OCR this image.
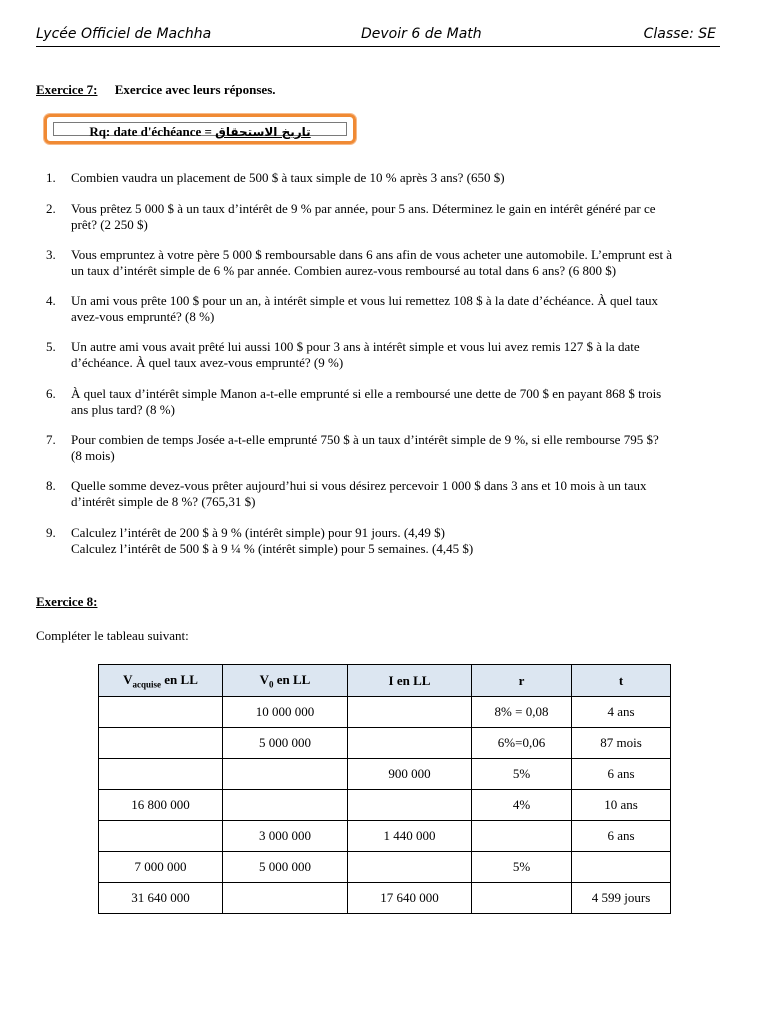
Lycée Officiel de Machha	Devoir 6 de Math	Classe: SE
Exercice 7: Exercice avec leurs réponses.
Rq: date d'échéance = تاريخ الاستحقاق
1. Combien vaudra un placement de 500 $ à taux simple de 10 % après 3 ans? (650 $)
2. Vous prêtez 5 000 $ à un taux d’intérêt de 9 % par année, pour 5 ans. Déterminez le gain en intérêt généré par ce
prêt? (2 250 $)
3. Vous empruntez à votre père 5 000 $ remboursable dans 6 ans afin de vous acheter une automobile. L’emprunt est à
un taux d’intérêt simple de 6 % par année. Combien aurez-vous remboursé au total dans 6 ans? (6 800 $)
4. Un ami vous prête 100 $ pour un an, à intérêt simple et vous lui remettez 108 $ à la date d’échéance. À quel taux
avez-vous emprunté? (8 %)
5. Un autre ami vous avait prêté lui aussi 100 $ pour 3 ans à intérêt simple et vous lui avez remis 127 $ à la date
d’échéance. À quel taux avez-vous emprunté? (9 %)
6. À quel taux d’intérêt simple Manon a-t-elle emprunté si elle a remboursé une dette de 700 $ en payant 868 $ trois
ans plus tard? (8 %)
7. Pour combien de temps Josée a-t-elle emprunté 750 $ à un taux d’intérêt simple de 9 %, si elle rembourse 795 $?
(8 mois)
8. Quelle somme devez-vous prêter aujourd’hui si vous désirez percevoir 1 000 $ dans 3 ans et 10 mois à un taux
d’intérêt simple de 8 %? (765,31 $)
9. Calculez l’intérêt de 200 $ à 9 % (intérêt simple) pour 91 jours. (4,49 $)
Calculez l’intérêt de 500 $ à 9 ¼ % (intérêt simple) pour 5 semaines. (4,45 $)
Exercice 8:
Compléter le tableau suivant:
$V_{acquise}$ en LL	$V_0$ en LL	I en LL	r	t
	10 000 000		8% = 0,08	4 ans
	5 000 000		6%=0,06	87 mois
		900 000	5%	6 ans
16 800 000			4%	10 ans
	3 000 000	1 440 000		6 ans
7 000 000	5 000 000		5%	
31 640 000		17 640 000		4 599 jours
